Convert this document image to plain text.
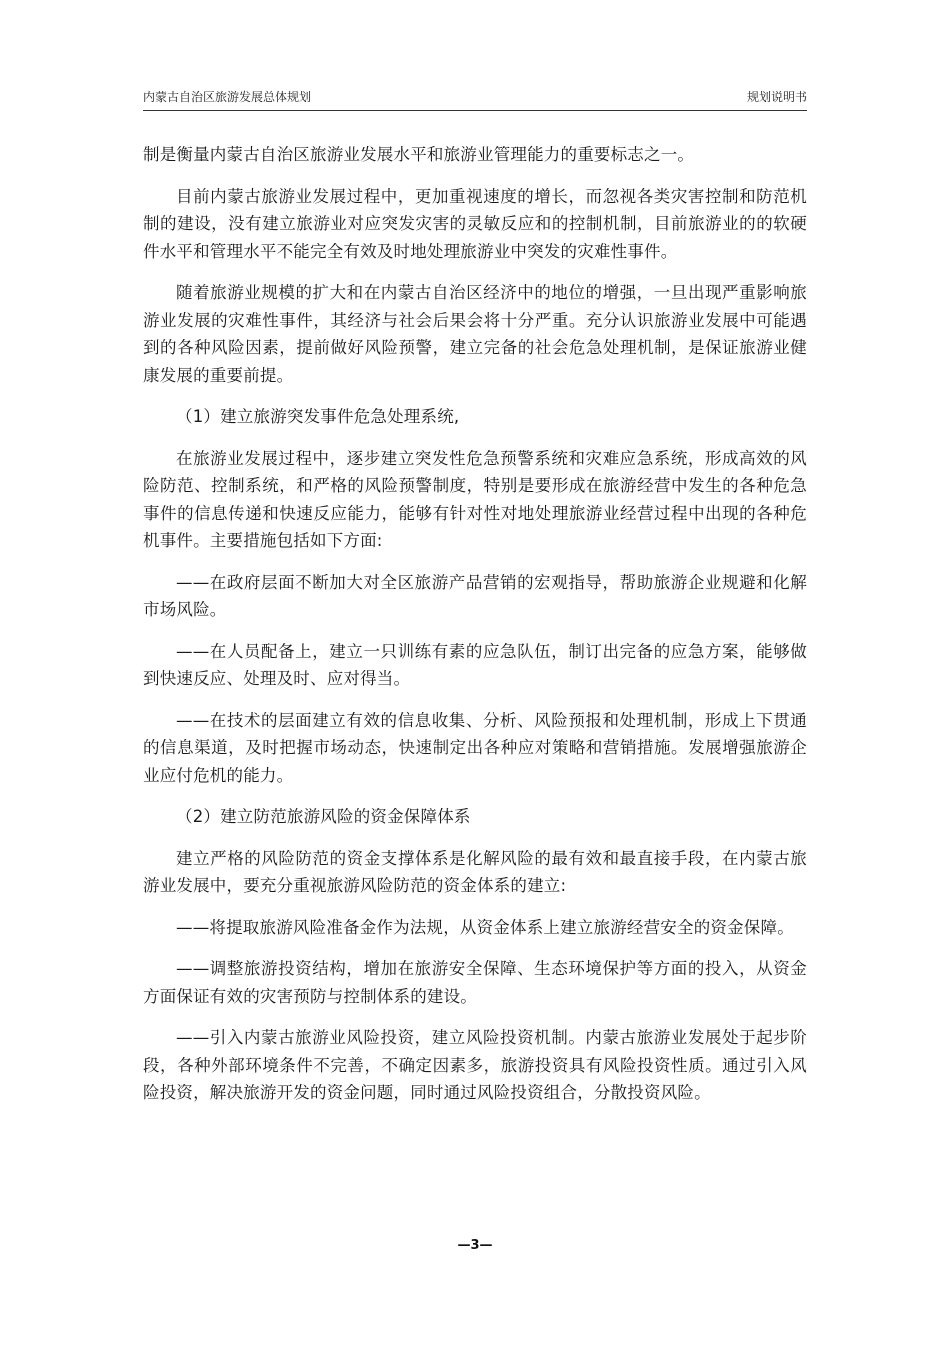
内蒙古自治区旅游发展总体规划	规划说明书

制是衡量内蒙古自治区旅游业发展水平和旅游业管理能力的重要标志之一。

目前内蒙古旅游业发展过程中，更加重视速度的增长，而忽视各类灾害控制和防范机制的建设，没有建立旅游业对应突发灾害的灵敏反应和的控制机制，目前旅游业的的软硬件水平和管理水平不能完全有效及时地处理旅游业中突发的灾难性事件。

随着旅游业规模的扩大和在内蒙古自治区经济中的地位的增强，一旦出现严重影响旅游业发展的灾难性事件，其经济与社会后果会将十分严重。充分认识旅游业发展中可能遇到的各种风险因素，提前做好风险预警，建立完备的社会危急处理机制，是保证旅游业健康发展的重要前提。

（1）建立旅游突发事件危急处理系统,

在旅游业发展过程中，逐步建立突发性危急预警系统和灾难应急系统，形成高效的风险防范、控制系统，和严格的风险预警制度，特别是要形成在旅游经营中发生的各种危急事件的信息传递和快速反应能力，能够有针对性对地处理旅游业经营过程中出现的各种危机事件。主要措施包括如下方面:

——在政府层面不断加大对全区旅游产品营销的宏观指导，帮助旅游企业规避和化解市场风险。

——在人员配备上，建立一只训练有素的应急队伍，制订出完备的应急方案，能够做到快速反应、处理及时、应对得当。

——在技术的层面建立有效的信息收集、分析、风险预报和处理机制，形成上下贯通的信息渠道，及时把握市场动态，快速制定出各种应对策略和营销措施。发展增强旅游企业应付危机的能力。

（2）建立防范旅游风险的资金保障体系

建立严格的风险防范的资金支撑体系是化解风险的最有效和最直接手段，在内蒙古旅游业发展中，要充分重视旅游风险防范的资金体系的建立:

——将提取旅游风险准备金作为法规，从资金体系上建立旅游经营安全的资金保障。

——调整旅游投资结构，增加在旅游安全保障、生态环境保护等方面的投入，从资金方面保证有效的灾害预防与控制体系的建设。

——引入内蒙古旅游业风险投资，建立风险投资机制。内蒙古旅游业发展处于起步阶段，各种外部环境条件不完善，不确定因素多，旅游投资具有风险投资性质。通过引入风险投资，解决旅游开发的资金问题，同时通过风险投资组合，分散投资风险。

—3—
